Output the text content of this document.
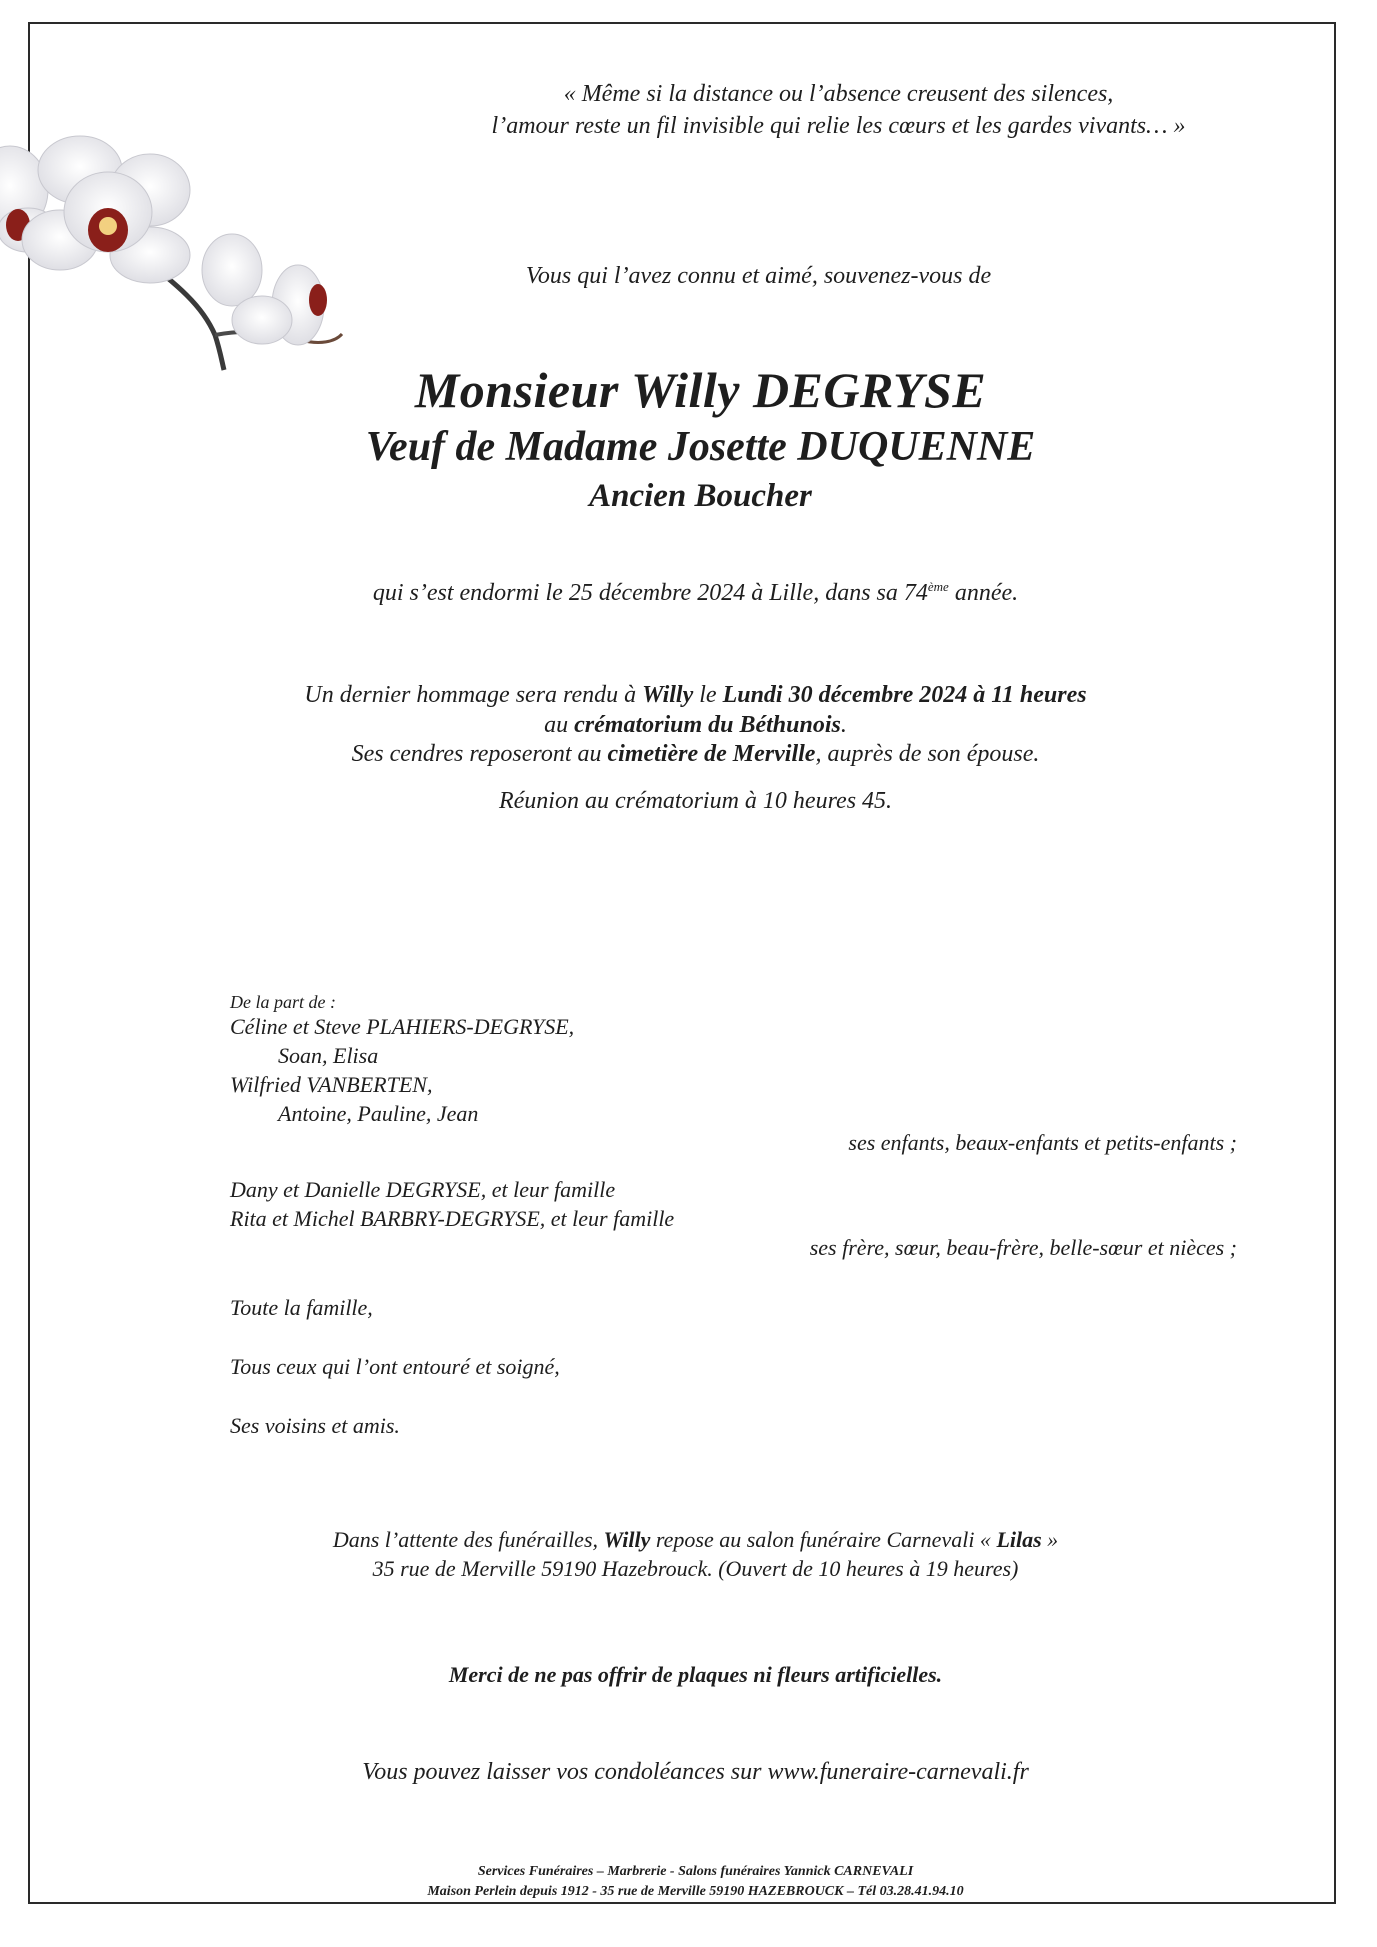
« Même si la distance ou l’absence creusent des silences,

l’amour reste un fil invisible qui relie les cœurs et les gardes vivants… »

Vous qui l’avez connu et aimé, souvenez-vous de

Monsieur Willy DEGRYSE

Veuf de Madame Josette DUQUENNE

Ancien Boucher

qui s’est endormi le 25 décembre 2024 à Lille, dans sa 74ème année.

Un dernier hommage sera rendu à Willy le Lundi 30 décembre 2024 à 11 heures

au crématorium du Béthunois.

Ses cendres reposeront au cimetière de Merville, auprès de son épouse.

Réunion au crématorium à 10 heures 45.

De la part de :

Céline et Steve PLAHIERS-DEGRYSE,

Soan, Elisa

Wilfried VANBERTEN,

Antoine, Pauline, Jean

ses enfants, beaux-enfants et petits-enfants ;

Dany et Danielle DEGRYSE, et leur famille

Rita et Michel BARBRY-DEGRYSE, et leur famille

ses frère, sœur, beau-frère, belle-sœur et nièces ;

Toute la famille,

Tous ceux qui l’ont entouré et soigné,

Ses voisins et amis.

Dans l’attente des funérailles, Willy repose au salon funéraire Carnevali « Lilas »

35 rue de Merville 59190 Hazebrouck. (Ouvert de 10 heures à 19 heures)

Merci de ne pas offrir de plaques ni fleurs artificielles.

Vous pouvez laisser vos condoléances sur www.funeraire-carnevali.fr

Services Funéraires – Marbrerie - Salons funéraires Yannick CARNEVALI

Maison Perlein depuis 1912 - 35 rue de Merville 59190 HAZEBROUCK – Tél 03.28.41.94.10
